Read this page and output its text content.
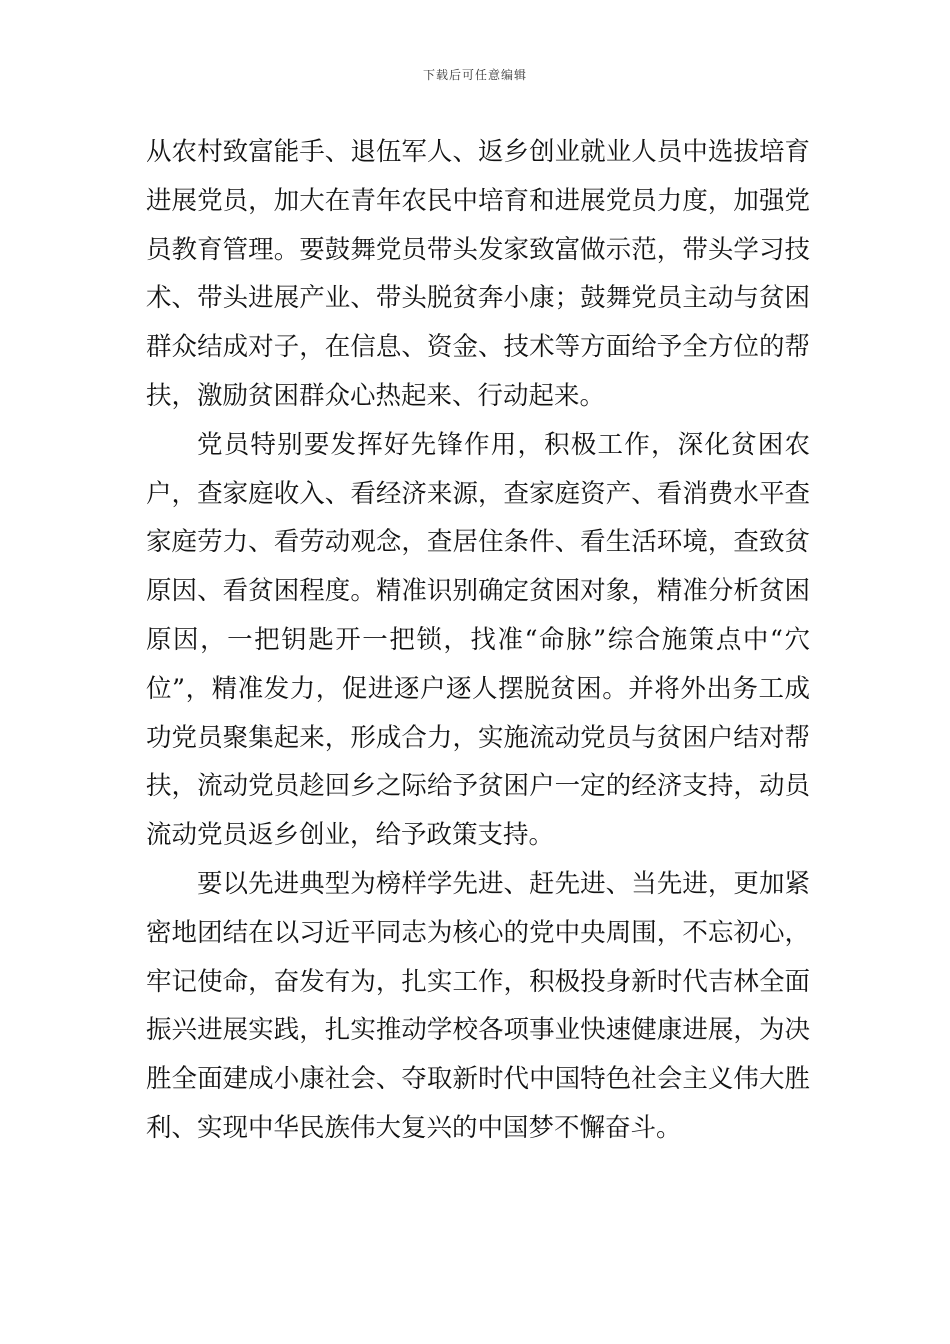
下载后可任意编辑

从农村致富能手、退伍军人、返乡创业就业人员中选拔培育进展党员，加大在青年农民中培育和进展党员力度，加强党员教育管理。要鼓舞党员带头发家致富做示范，带头学习技术、带头进展产业、带头脱贫奔小康；鼓舞党员主动与贫困群众结成对子，在信息、资金、技术等方面给予全方位的帮扶，激励贫困群众心热起来、行动起来。

党员特别要发挥好先锋作用，积极工作，深化贫困农户，查家庭收入、看经济来源，查家庭资产、看消费水平查家庭劳力、看劳动观念，查居住条件、看生活环境，查致贫原因、看贫困程度。精准识别确定贫困对象，精准分析贫困原因，一把钥匙开一把锁，找准“命脉”综合施策点中“穴位”，精准发力，促进逐户逐人摆脱贫困。并将外出务工成功党员聚集起来，形成合力，实施流动党员与贫困户结对帮扶，流动党员趁回乡之际给予贫困户一定的经济支持，动员流动党员返乡创业，给予政策支持。

要以先进典型为榜样学先进、赶先进、当先进，更加紧密地团结在以习近平同志为核心的党中央周围，不忘初心，牢记使命，奋发有为，扎实工作，积极投身新时代吉林全面振兴进展实践，扎实推动学校各项事业快速健康进展，为决胜全面建成小康社会、夺取新时代中国特色社会主义伟大胜利、实现中华民族伟大复兴的中国梦不懈奋斗。
